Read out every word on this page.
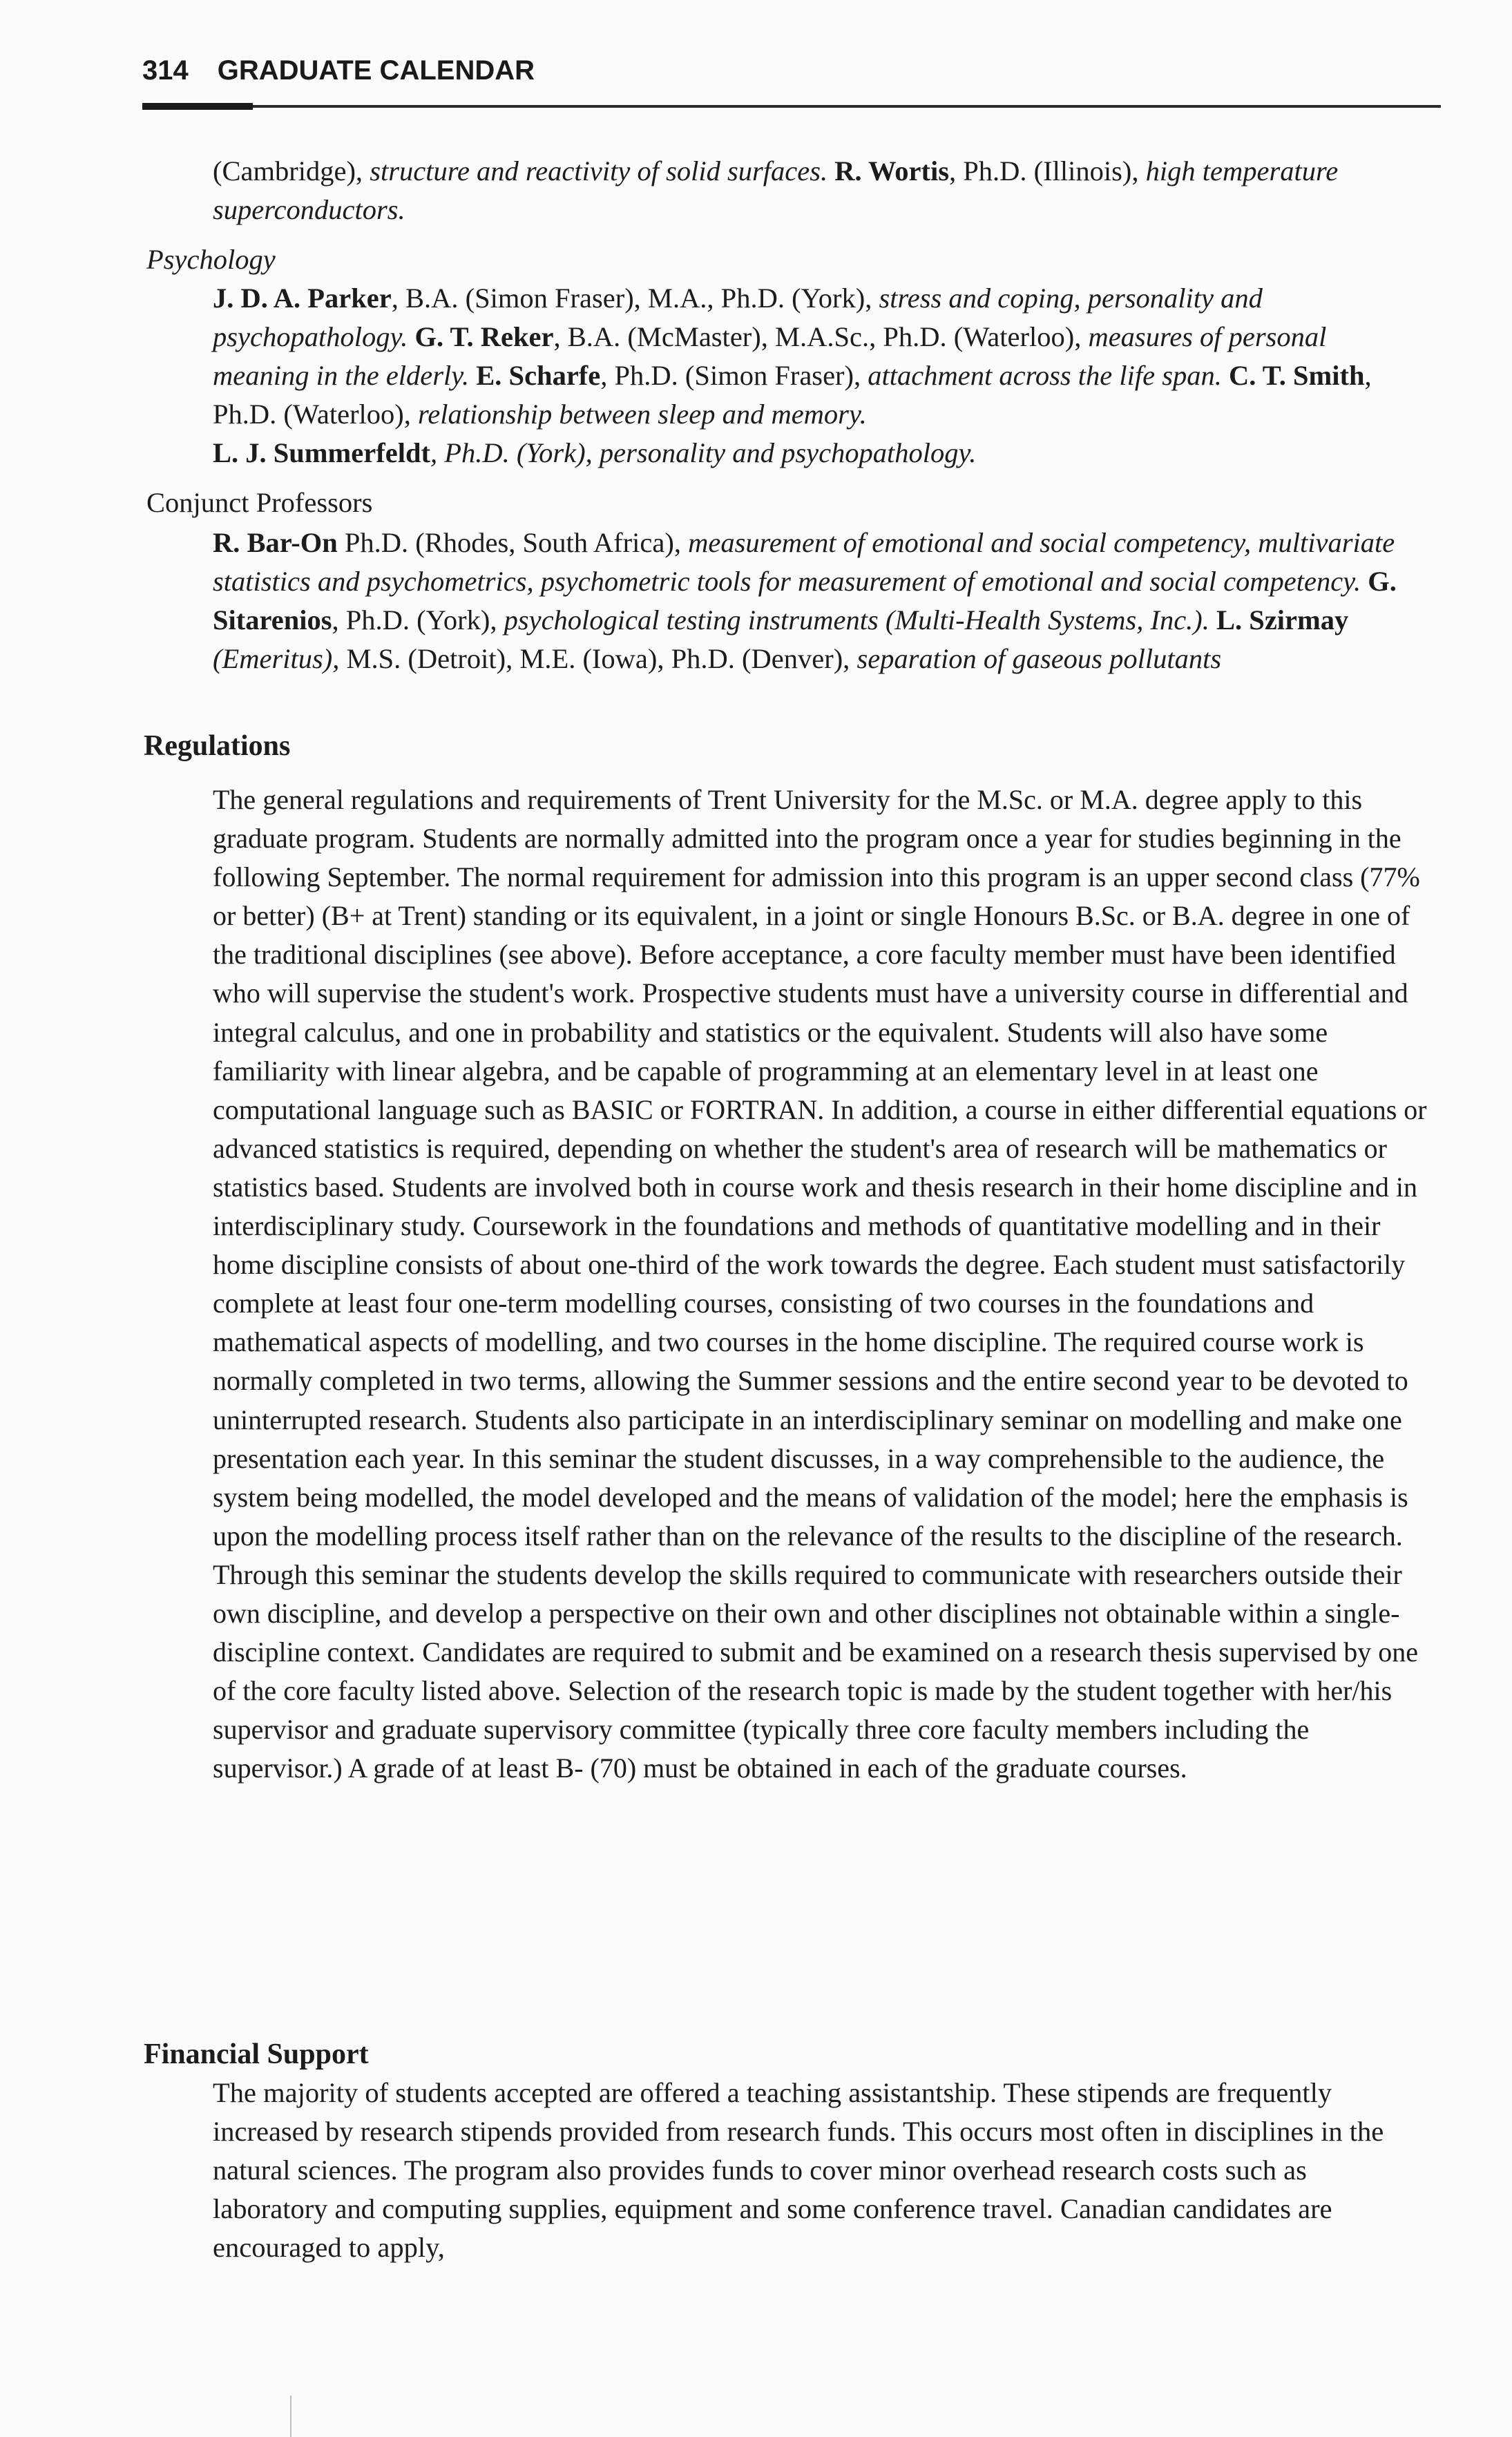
314 GRADUATE CALENDAR

(Cambridge), structure and reactivity of solid surfaces. R. Wortis, Ph.D. (Illinois), high temperature superconductors.

Psychology

J. D. A. Parker, B.A. (Simon Fraser), M.A., Ph.D. (York), stress and coping, personality and psychopathology. G. T. Reker, B.A. (McMaster), M.A.Sc., Ph.D. (Waterloo), measures of personal meaning in the elderly. E. Scharfe, Ph.D. (Simon Fraser), attachment across the life span. C. T. Smith, Ph.D. (Waterloo), relationship between sleep and memory.
L. J. Summerfeldt, Ph.D. (York), personality and psychopathology.

Conjunct Professors

R. Bar-On Ph.D. (Rhodes, South Africa), measurement of emotional and social competency, multivariate statistics and psychometrics, psychometric tools for measurement of emotional and social competency. G. Sitarenios, Ph.D. (York), psychological testing instruments (Multi-Health Systems, Inc.). L. Szirmay (Emeritus), M.S. (Detroit), M.E. (Iowa), Ph.D. (Denver), separation of gaseous pollutants

Regulations

The general regulations and requirements of Trent University for the M.Sc. or M.A. degree apply to this graduate program. Students are normally admitted into the program once a year for studies beginning in the following September. The normal requirement for admission into this program is an upper second class (77% or better) (B+ at Trent) standing or its equivalent, in a joint or single Honours B.Sc. or B.A. degree in one of the traditional disciplines (see above). Before acceptance, a core faculty member must have been identified who will supervise the student's work. Prospective students must have a university course in differential and integral calculus, and one in probability and statistics or the equivalent. Students will also have some familiarity with linear algebra, and be capable of programming at an elementary level in at least one computational language such as BASIC or FORTRAN. In addition, a course in either differential equations or advanced statistics is required, depending on whether the student's area of research will be mathematics or statistics based. Students are involved both in course work and thesis research in their home discipline and in interdisciplinary study. Coursework in the foundations and methods of quantitative modelling and in their home discipline consists of about one-third of the work towards the degree. Each student must satisfactorily complete at least four one-term modelling courses, consisting of two courses in the foundations and mathematical aspects of modelling, and two courses in the home discipline. The required course work is normally completed in two terms, allowing the Summer sessions and the entire second year to be devoted to uninterrupted research. Students also participate in an interdisciplinary seminar on modelling and make one presentation each year. In this seminar the student discusses, in a way comprehensible to the audience, the system being modelled, the model developed and the means of validation of the model; here the emphasis is upon the modelling process itself rather than on the relevance of the results to the discipline of the research. Through this seminar the students develop the skills required to communicate with researchers outside their own discipline, and develop a perspective on their own and other disciplines not obtainable within a single-discipline context. Candidates are required to submit and be examined on a research thesis supervised by one of the core faculty listed above. Selection of the research topic is made by the student together with her/his supervisor and graduate supervisory committee (typically three core faculty members including the supervisor.) A grade of at least B- (70) must be obtained in each of the graduate courses.

Financial Support

The majority of students accepted are offered a teaching assistantship. These stipends are frequently increased by research stipends provided from research funds. This occurs most often in disciplines in the natural sciences. The program also provides funds to cover minor overhead research costs such as laboratory and computing supplies, equipment and some conference travel. Canadian candidates are encouraged to apply,
